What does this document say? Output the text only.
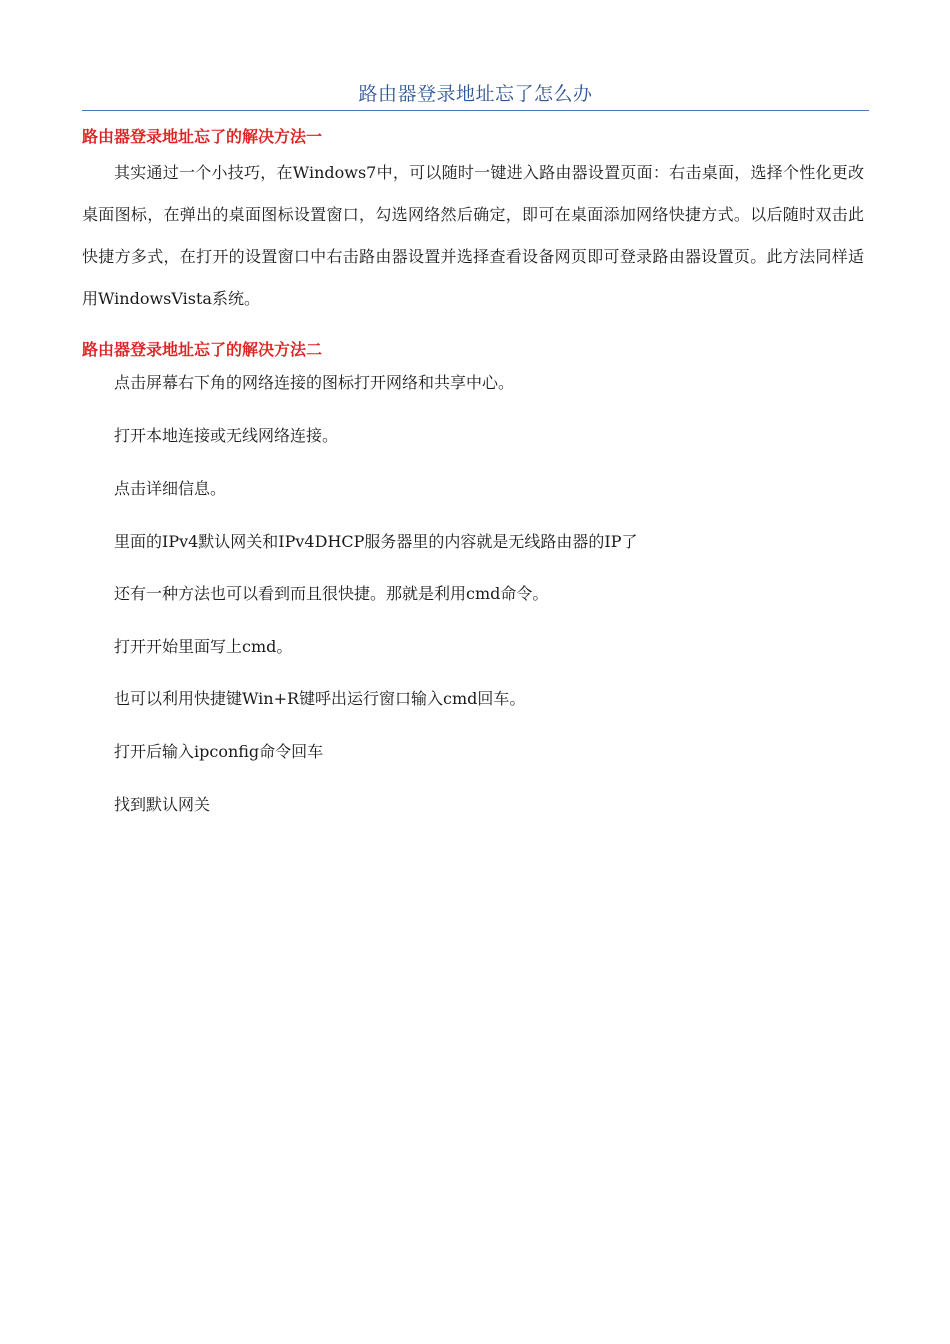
路由器登录地址忘了怎么办
路由器登录地址忘了的解决方法一

其实通过一个小技巧，在Windows7中，可以随时一键进入路由器设置页面：右击桌面，选择个性化更改桌面图标，在弹出的桌面图标设置窗口，勾选网络然后确定，即可在桌面添加网络快捷方式。以后随时双击此快捷方多式，在打开的设置窗口中右击路由器设置并选择查看设备网页即可登录路由器设置页。此方法同样适用WindowsVista系统。

路由器登录地址忘了的解决方法二

点击屏幕右下角的网络连接的图标打开网络和共享中心。

打开本地连接或无线网络连接。

点击详细信息。

里面的IPv4默认网关和IPv4DHCP服务器里的内容就是无线路由器的IP了

还有一种方法也可以看到而且很快捷。那就是利用cmd命令。

打开开始里面写上cmd。

也可以利用快捷键Win+R键呼出运行窗口输入cmd回车。

打开后输入ipconfig命令回车

找到默认网关
